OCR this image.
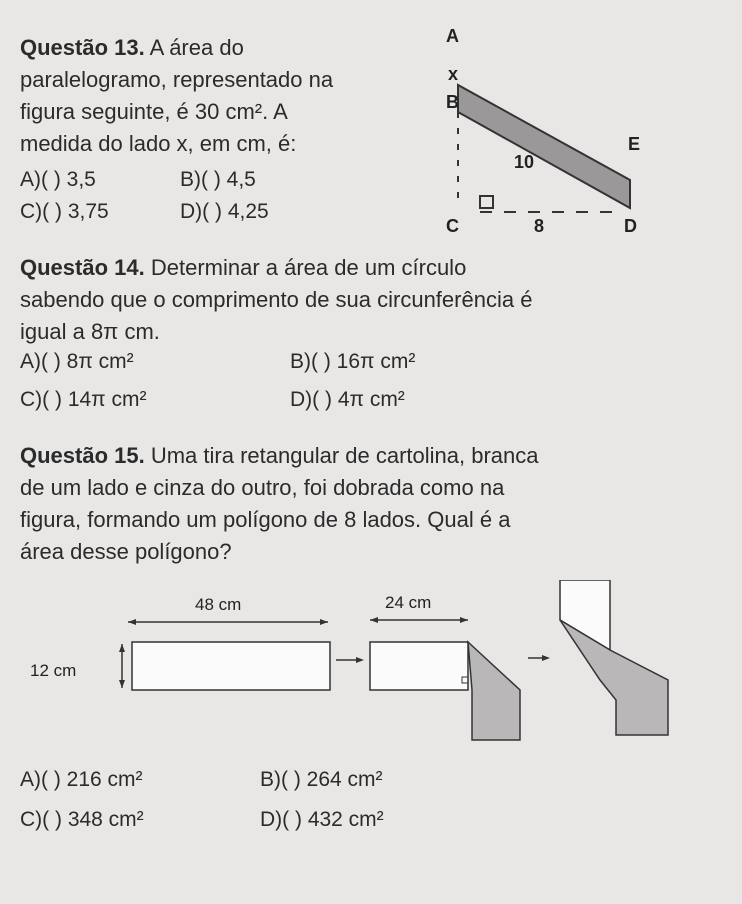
Questão 13. A área do
paralelogramo, representado na
figura seguinte, é 30 cm². A
medida do lado x, em cm, é:
A)( ) 3,5	B)( ) 4,5
C)( ) 3,75	D)( ) 4,25
A
x
B
E
10
C	8	D
Questão 14. Determinar a área de um círculo
sabendo que o comprimento de sua circunferência é
igual a 8π cm.
A)( ) 8π cm²	B)( ) 16π cm²
C)( ) 14π cm²	D)( ) 4π cm²
Questão 15. Uma tira retangular de cartolina, branca
de um lado e cinza do outro, foi dobrada como na
figura, formando um polígono de 8 lados. Qual é a
área desse polígono?
48 cm
12 cm
24 cm
A)( ) 216 cm²	B)( ) 264 cm²
C)( ) 348 cm²	D)( ) 432 cm²
